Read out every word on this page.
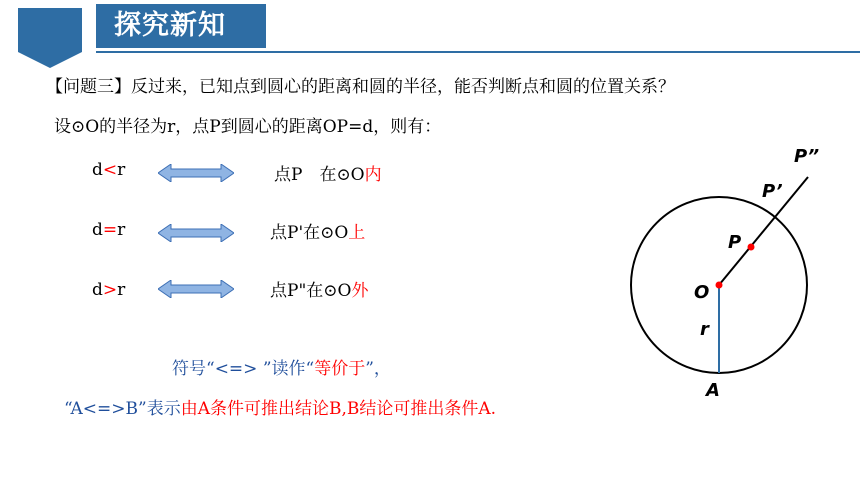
探究新知
【问题三】反过来，已知点到圆心的距离和圆的半径，能否判断点和圆的位置关系？
设⊙O的半径为r，点P到圆心的距离OP=d，则有：
d<r	点P　在⊙O内
d=r	点P'在⊙O上
d>r	点P"在⊙O外
符号“<=> ”读作“等价于”，
“A<=>B”表示由A条件可推出结论B,B结论可推出条件A.
P”
P’
P
O
r
A
